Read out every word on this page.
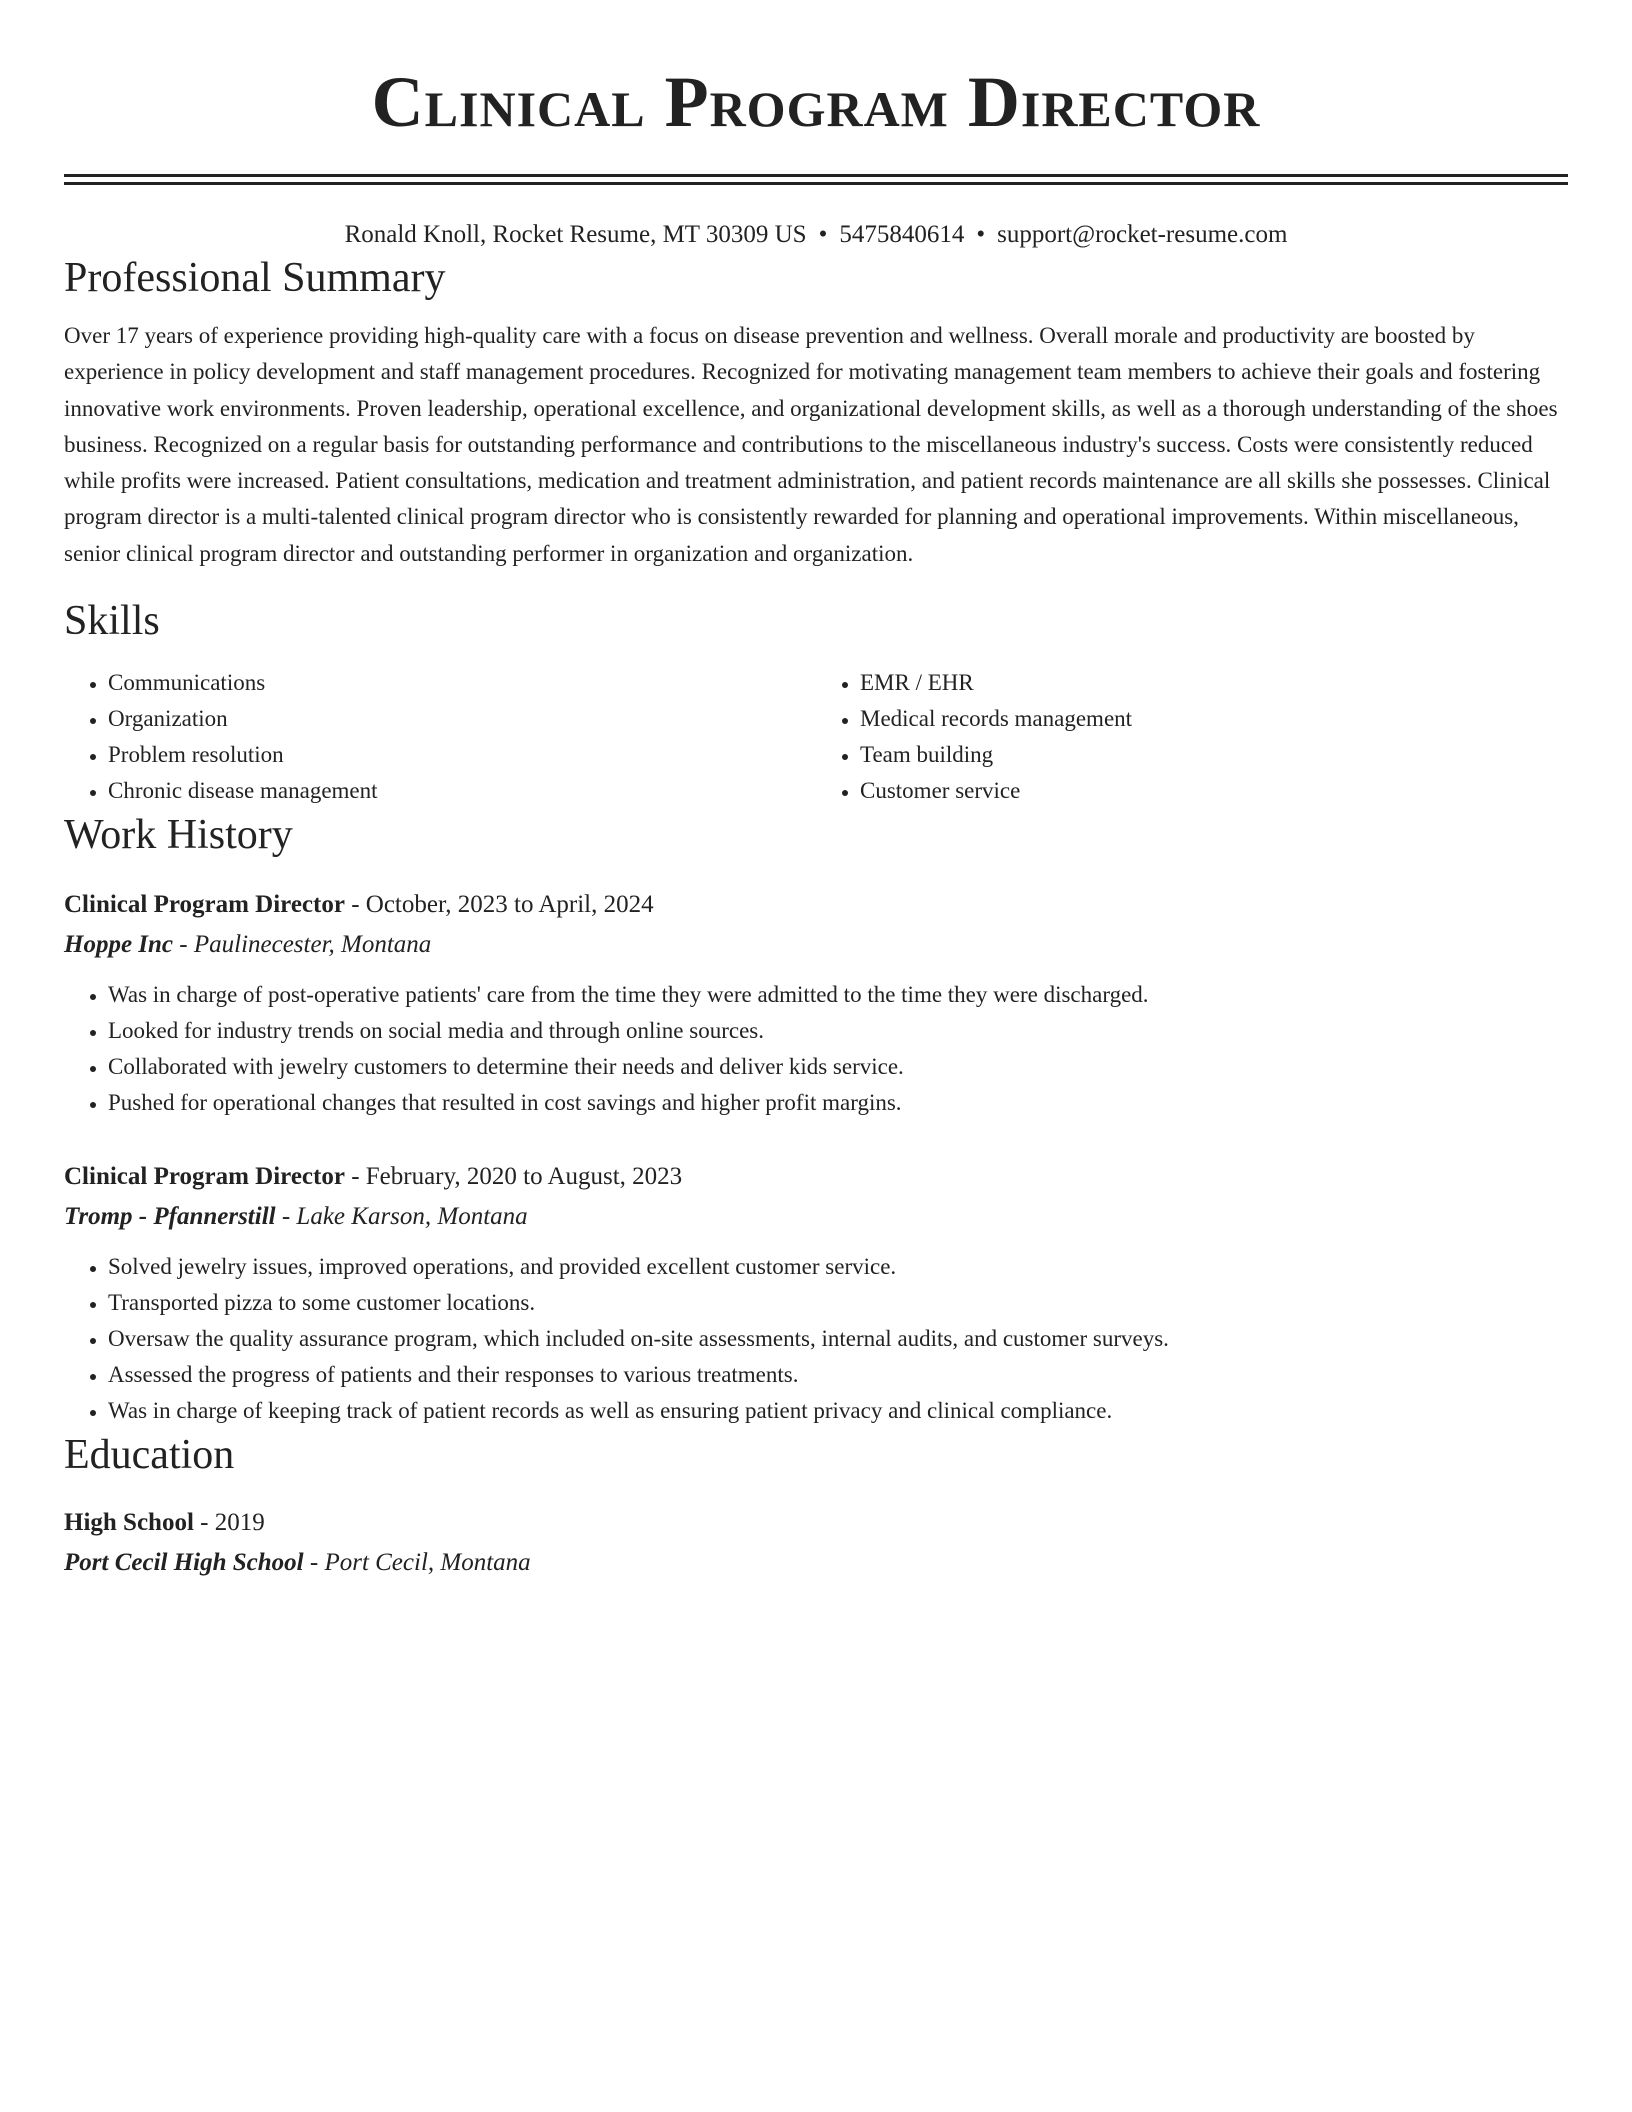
Clinical Program Director
Ronald Knoll, Rocket Resume, MT 30309 US • 5475840614 • support@rocket-resume.com
Professional Summary

Over 17 years of experience providing high-quality care with a focus on disease prevention and wellness. Overall morale and productivity are boosted by experience in policy development and staff management procedures. Recognized for motivating management team members to achieve their goals and fostering innovative work environments. Proven leadership, operational excellence, and organizational development skills, as well as a thorough understanding of the shoes business. Recognized on a regular basis for outstanding performance and contributions to the miscellaneous industry's success. Costs were consistently reduced while profits were increased. Patient consultations, medication and treatment administration, and patient records maintenance are all skills she possesses. Clinical program director is a multi-talented clinical program director who is consistently rewarded for planning and operational improvements. Within miscellaneous, senior clinical program director and outstanding performer in organization and organization.

Skills
• Communications
• Organization
• Problem resolution
• Chronic disease management
• EMR / EHR
• Medical records management
• Team building
• Customer service
Work History
Clinical Program Director - October, 2023 to April, 2024
Hoppe Inc - Paulinecester, Montana
• Was in charge of post-operative patients' care from the time they were admitted to the time they were discharged.
• Looked for industry trends on social media and through online sources.
• Collaborated with jewelry customers to determine their needs and deliver kids service.
• Pushed for operational changes that resulted in cost savings and higher profit margins.
Clinical Program Director - February, 2020 to August, 2023
Tromp - Pfannerstill - Lake Karson, Montana
• Solved jewelry issues, improved operations, and provided excellent customer service.
• Transported pizza to some customer locations.
• Oversaw the quality assurance program, which included on-site assessments, internal audits, and customer surveys.
• Assessed the progress of patients and their responses to various treatments.
• Was in charge of keeping track of patient records as well as ensuring patient privacy and clinical compliance.
Education
High School - 2019
Port Cecil High School - Port Cecil, Montana
